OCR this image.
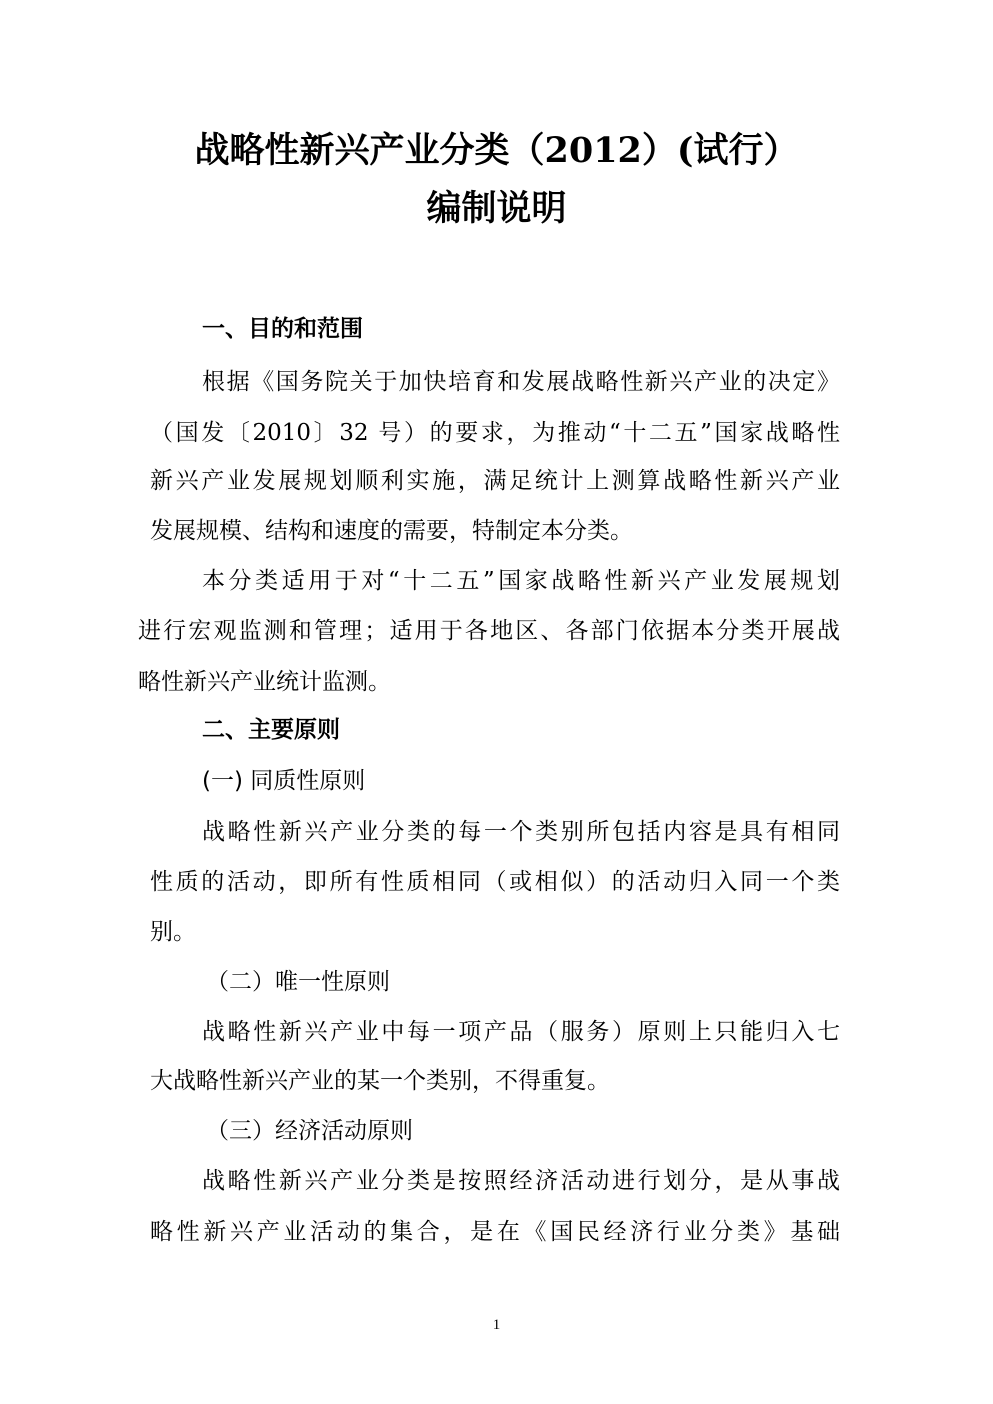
战略性新兴产业分类（2012）(试行）
编制说明
一、目的和范围
根据《国务院关于加快培育和发展战略性新兴产业的决定》
（国发〔2010〕32 号）的要求，为推动“十二五”国家战略性
新兴产业发展规划顺利实施，满足统计上测算战略性新兴产业
发展规模、结构和速度的需要，特制定本分类。
本分类适用于对“十二五”国家战略性新兴产业发展规划
进行宏观监测和管理；适用于各地区、各部门依据本分类开展战
略性新兴产业统计监测。
二、主要原则
(一) 同质性原则
战略性新兴产业分类的每一个类别所包括内容是具有相同
性质的活动，即所有性质相同（或相似）的活动归入同一个类
别。
（二）唯一性原则
战略性新兴产业中每一项产品（服务）原则上只能归入七
大战略性新兴产业的某一个类别，不得重复。
（三）经济活动原则
战略性新兴产业分类是按照经济活动进行划分，是从事战
略性新兴产业活动的集合，是在《国民经济行业分类》基础
1
